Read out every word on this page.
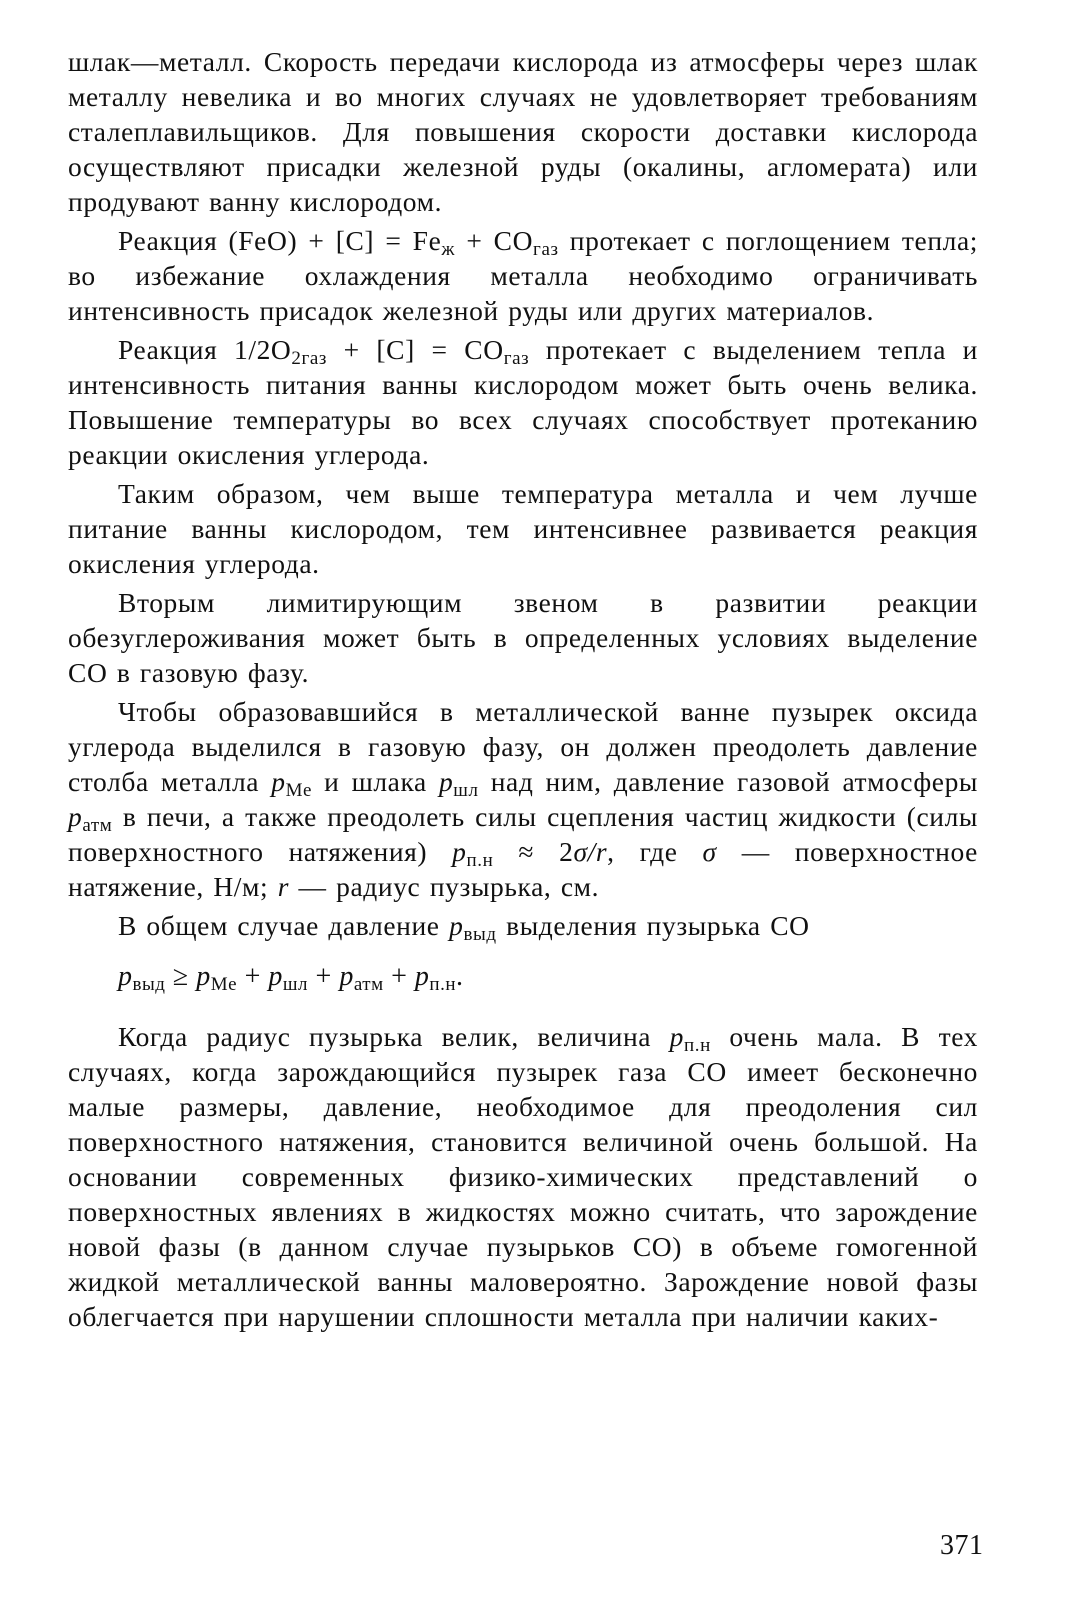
шлак—металл. Скорость передачи кислорода из атмосферы через шлак металлу невелика и во многих случаях не удовлетворяет требованиям сталеплавильщиков. Для повышения скорости доставки кислорода осуществляют присадки железной руды (окалины, агломерата) или продувают ванну кислородом.

Реакция $(FeO) + [C] = Fe_ж + CO_{газ}$ протекает с поглощением тепла; во избежание охлаждения металла необходимо ограничивать интенсивность присадок железной руды или других материалов.

Реакция $1/2O_{2газ} + [C] = CO_{газ}$ протекает с выделением тепла и интенсивность питания ванны кислородом может быть очень велика. Повышение температуры во всех случаях способствует протеканию реакции окисления углерода.

Таким образом, чем выше температура металла и чем лучше питание ванны кислородом, тем интенсивнее развивается реакция окисления углерода.

Вторым лимитирующим звеном в развитии реакции обезуглероживания может быть в определенных условиях выделение CO в газовую фазу.

Чтобы образовавшийся в металлической ванне пузырек оксида углерода выделился в газовую фазу, он должен преодолеть давление столба металла $p_{Me}$ и шлака $p_{шл}$ над ним, давление газовой атмосферы $p_{атм}$ в печи, а также преодолеть силы сцепления частиц жидкости (силы поверхностного натяжения) $p_{п.н} \approx 2\sigma/r$, где σ — поверхностное натяжение, Н/м; r — радиус пузырька, см.

В общем случае давление $p_{выд}$ выделения пузырька CO

$p_{выд} \ge p_{Me} + p_{шл} + p_{атм} + p_{п.н}$.

Когда радиус пузырька велик, величина $p_{п.н}$ очень мала. В тех случаях, когда зарождающийся пузырек газа CO имеет бесконечно малые размеры, давление, необходимое для преодоления сил поверхностного натяжения, становится величиной очень большой. На основании современных физико-химических представлений о поверхностных явлениях в жидкостях можно считать, что зарождение новой фазы (в данном случае пузырьков CO) в объеме гомогенной жидкой металлической ванны маловероятно. Зарождение новой фазы облегчается при нарушении сплошности металла при наличии каких-

371
